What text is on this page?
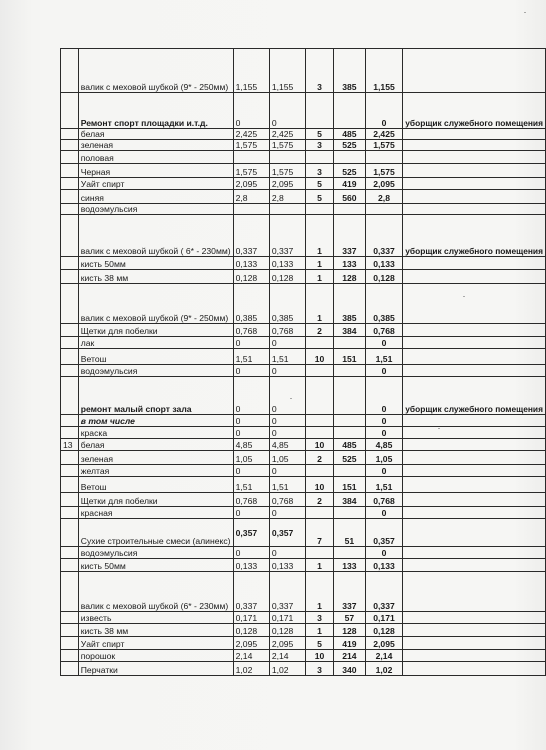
	валик с меховой шубкой (9* - 250мм)	1,155	1,155	3	385	1,155	
	Ремонт спорт площадки и.т.д.	0	0			0	уборщик служебного помещения
	белая	2,425	2,425	5	485	2,425	
	зеленая	1,575	1,575	3	525	1,575	
	половая						
	Черная	1,575	1,575	3	525	1,575	
	Уайт спирт	2,095	2,095	5	419	2,095	
	синяя	2,8	2,8	5	560	2,8	
	водоэмульсия						
	валик с меховой шубкой ( 6* - 230мм)	0,337	0,337	1	337	0,337	уборщик служебного помещения
	кисть 50мм	0,133	0,133	1	133	0,133	
	кисть 38 мм	0,128	0,128	1	128	0,128	
	валик с меховой шубкой (9* - 250мм)	0,385	0,385	1	385	0,385	
	Щетки для побелки	0,768	0,768	2	384	0,768	
	лак	0	0			0	
	Ветош	1,51	1,51	10	151	1,51	
	водоэмульсия	0	0			0	
	ремонт малый спорт зала	0	0			0	уборщик служебного помещения
	в том числе	0	0			0	
	краска	0	0			0	
13	белая	4,85	4,85	10	485	4,85	
	зеленая	1,05	1,05	2	525	1,05	
	желтая	0	0			0	
	Ветош	1,51	1,51	10	151	1,51	
	Щетки для побелки	0,768	0,768	2	384	0,768	
	красная	0	0			0	
	Сухие строительные смеси (алинекс)	0,357	0,357	7	51	0,357	
	водоэмульсия	0	0			0	
	кисть 50мм	0,133	0,133	1	133	0,133	
	валик с меховой шубкой (6* - 230мм)	0,337	0,337	1	337	0,337	
	известь	0,171	0,171	3	57	0,171	
	кисть 38 мм	0,128	0,128	1	128	0,128	
	Уайт спирт	2,095	2,095	5	419	2,095	
	порошок	2,14	2,14	10	214	2,14	
	Перчатки	1,02	1,02	3	340	1,02	
